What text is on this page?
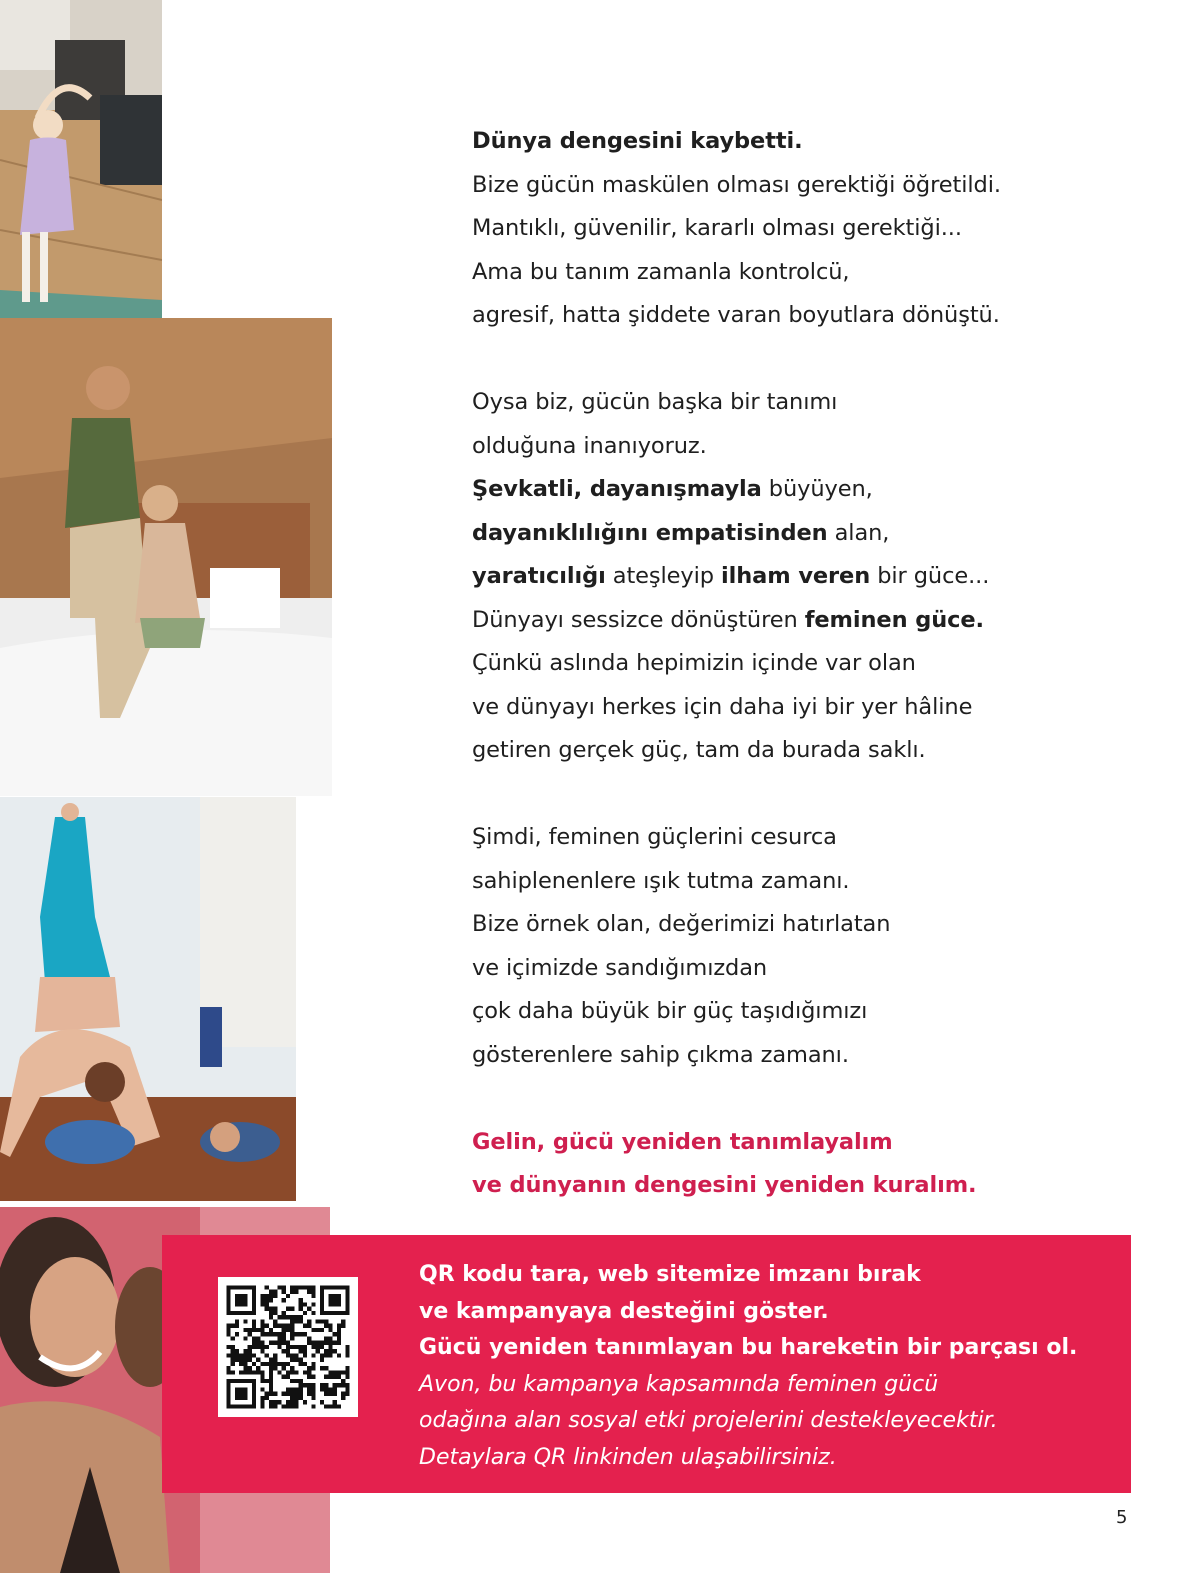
Dünya dengesini kaybetti.

Bize gücün maskülen olması gerektiği öğretildi.

Mantıklı, güvenilir, kararlı olması gerektiği...

Ama bu tanım zamanla kontrolcü,

agresif, hatta şiddete varan boyutlara dönüştü.

Oysa biz, gücün başka bir tanımı

olduğuna inanıyoruz.

Şevkatli, dayanışmayla büyüyen,

dayanıklılığını empatisinden alan,

yaratıcılığı ateşleyip ilham veren bir güce...

Dünyayı sessizce dönüştüren feminen güce.

Çünkü aslında hepimizin içinde var olan

ve dünyayı herkes için daha iyi bir yer hâline

getiren gerçek güç, tam da burada saklı.

Şimdi, feminen güçlerini cesurca

sahiplenenlere ışık tutma zamanı.

Bize örnek olan, değerimizi hatırlatan

ve içimizde sandığımızdan

çok daha büyük bir güç taşıdığımızı

gösterenlere sahip çıkma zamanı.

Gelin, gücü yeniden tanımlayalım

ve dünyanın dengesini yeniden kuralım.

QR kodu tara, web sitemize imzanı bırak

ve kampanyaya desteğini göster.

Gücü yeniden tanımlayan bu hareketin bir parçası ol.

Avon, bu kampanya kapsamında feminen gücü

odağına alan sosyal etki projelerini destekleyecektir.

Detaylara QR linkinden ulaşabilirsiniz.

5
